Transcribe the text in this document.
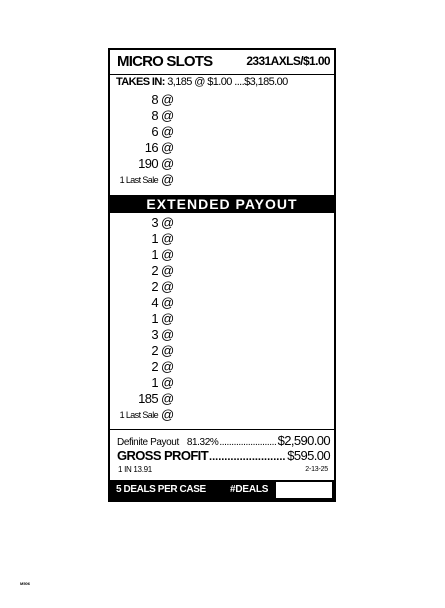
MICRO SLOTS	2331AXLS/$1.00
TAKES IN: 3,185 @ $1.00 ....$3,185.00
8 @
8 @
6 @
16 @
190 @
1 Last Sale @
EXTENDED PAYOUT
3 @
1 @
1 @
2 @
2 @
4 @
1 @
3 @
2 @
2 @
1 @
185 @
1 Last Sale @
Definite Payout 81.32% .....	$2,590.00
GROSS PROFIT .....	$595.00
1 IN 13.91	2-13-25
5 DEALS PER CASE #DEALS
M506
